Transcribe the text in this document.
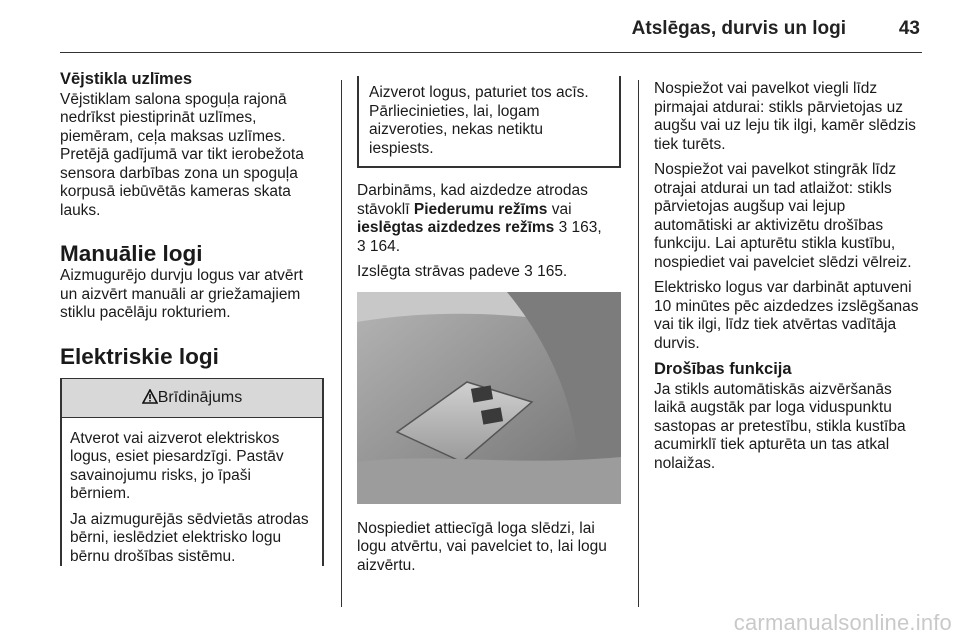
Atslēgas, durvis un logi	43
Vējstikla uzlīmes

Vējstiklam salona spoguļa rajonā nedrīkst piestiprināt uzlīmes, piemēram, ceļa maksas uzlīmes. Pretējā gadījumā var tikt ierobežota sensora darbības zona un spoguļa korpusā iebūvētās kameras skata lauks.

Manuālie logi

Aizmugurējo durvju logus var atvērt un aizvērt manuāli ar griežamajiem stiklu pacēlāju rokturiem.

Elektriskie logi
Brīdinājums

Atverot vai aizverot elektriskos logus, esiet piesardzīgi. Pastāv savainojumu risks, jo īpaši bērniem.

Ja aizmugurējās sēdvietās atrodas bērni, ieslēdziet elektrisko logu bērnu drošības sistēmu.

Aizverot logus, paturiet tos acīs. Pārliecinieties, lai, logam aizveroties, nekas netiktu iespiests.

Darbināms, kad aizdedze atrodas stāvoklī Piederumu režīms vai
ieslēgtas aizdedzes režīms 3 163,
3 164.

Izslēgta strāvas padeve 3 165.

Nospiediet attiecīgā loga slēdzi, lai logu atvērtu, vai pavelciet to, lai logu aizvērtu.

Nospiežot vai pavelkot viegli līdz pirmajai atdurai: stikls pārvietojas uz augšu vai uz leju tik ilgi, kamēr slēdzis tiek turēts.

Nospiežot vai pavelkot stingrāk līdz otrajai atdurai un tad atlaižot: stikls pārvietojas augšup vai lejup automātiski ar aktivizētu drošības funkciju. Lai apturētu stikla kustību, nospiediet vai pavelciet slēdzi vēlreiz.

Elektrisko logus var darbināt aptuveni 10 minūtes pēc aizdedzes izslēgšanas vai tik ilgi, līdz tiek atvērtas vadītāja durvis.

Drošības funkcija

Ja stikls automātiskās aizvēršanās laikā augstāk par loga viduspunktu sastopas ar pretestību, stikla kustība acumirklī tiek apturēta un tas atkal nolaižas.

carmanualsonline.info
